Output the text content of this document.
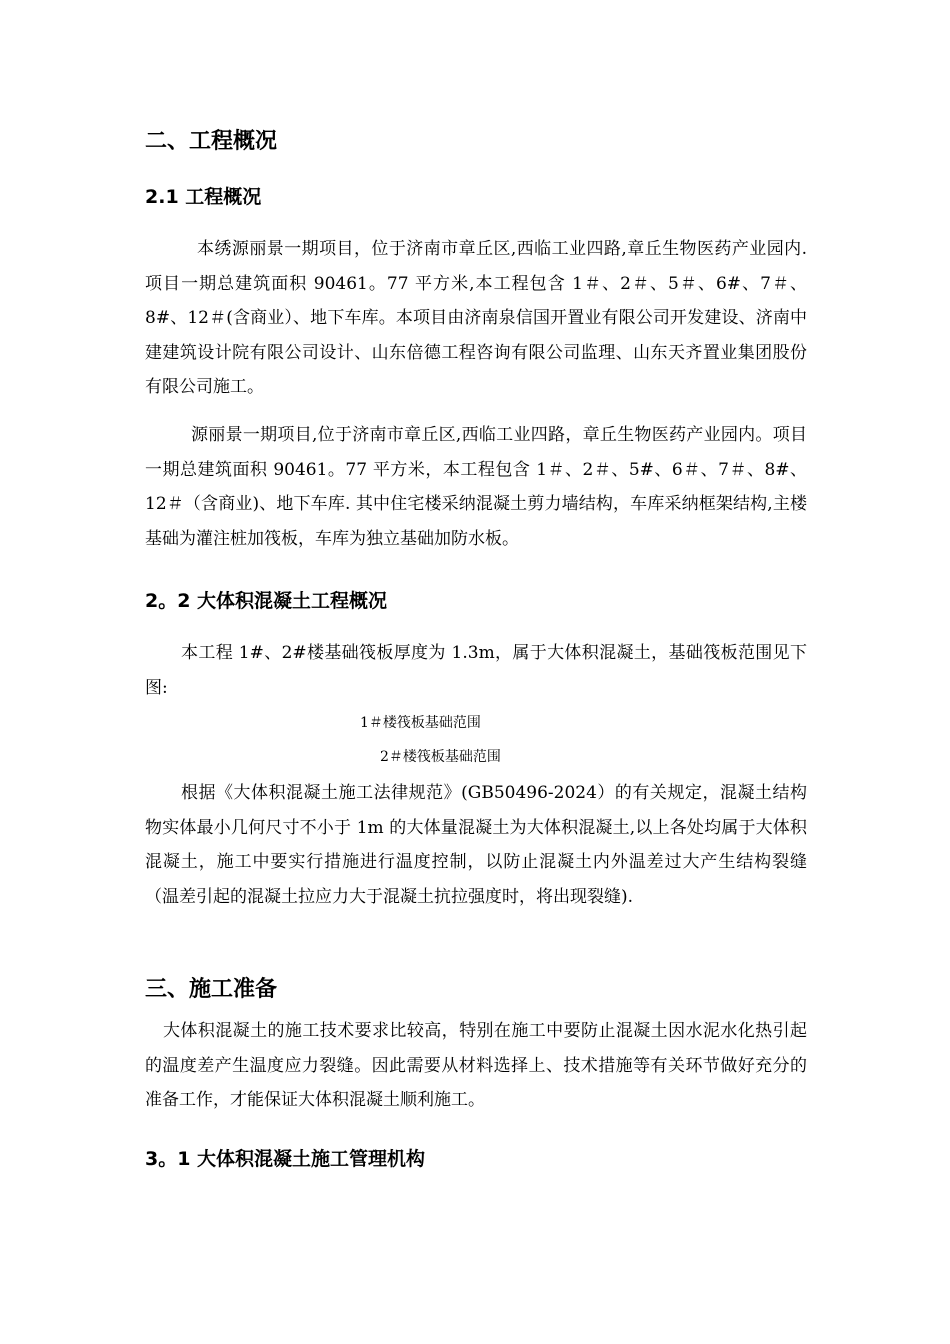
二、工程概况
2.1 工程概况

本绣源丽景一期项目，位于济南市章丘区,西临工业四路,章丘生物医药产业园内.项目一期总建筑面积 90461。77 平方米,本工程包含 1＃、2＃、5＃、6#、7＃、8#、12＃(含商业）、地下车库。本项目由济南泉信国开置业有限公司开发建设、济南中建建筑设计院有限公司设计、山东倍德工程咨询有限公司监理、山东天齐置业集团股份有限公司施工。

源丽景一期项目,位于济南市章丘区,西临工业四路，章丘生物医药产业园内。项目一期总建筑面积 90461。77 平方米，本工程包含 1＃、2＃、5#、6＃、7＃、8#、12＃（含商业)、地下车库. 其中住宅楼采纳混凝土剪力墙结构，车库采纳框架结构,主楼基础为灌注桩加筏板，车库为独立基础加防水板。

2。2 大体积混凝土工程概况

本工程 1#、2#楼基础筏板厚度为 1.3m，属于大体积混凝土，基础筏板范围见下图:

1＃楼筏板基础范围

2＃楼筏板基础范围

根据《大体积混凝土施工法律规范》(GB50496-2024）的有关规定，混凝土结构物实体最小几何尺寸不小于 1m 的大体量混凝土为大体积混凝土,以上各处均属于大体积混凝土，施工中要实行措施进行温度控制，以防止混凝土内外温差过大产生结构裂缝（温差引起的混凝土拉应力大于混凝土抗拉强度时，将出现裂缝).

三、施工准备

大体积混凝土的施工技术要求比较高，特别在施工中要防止混凝土因水泥水化热引起的温度差产生温度应力裂缝。因此需要从材料选择上、技术措施等有关环节做好充分的准备工作，才能保证大体积混凝土顺利施工。

3。1 大体积混凝土施工管理机构
